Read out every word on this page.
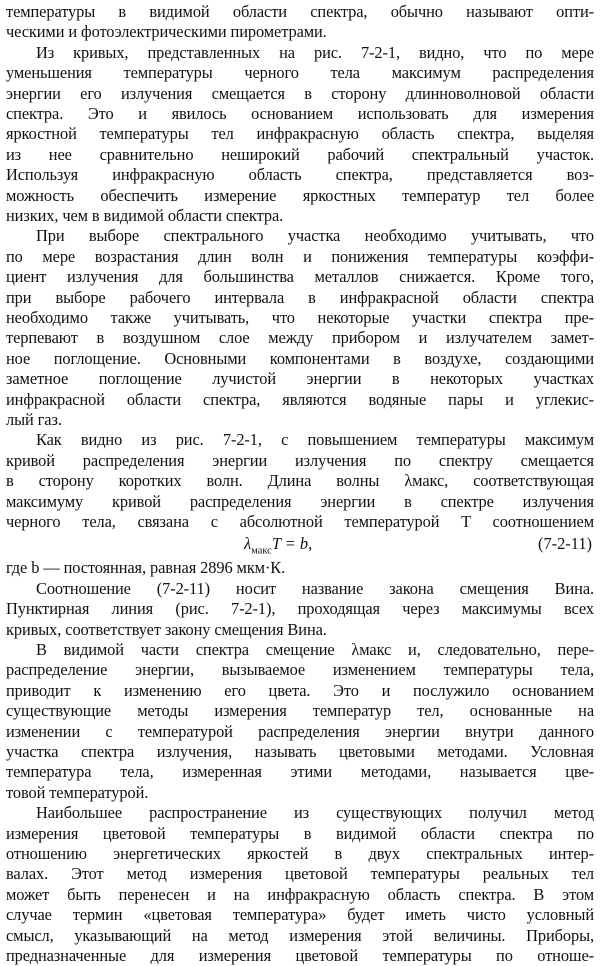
температуры в видимой области спектра, обычно называют опти-
ческими и фотоэлектрическими пирометрами.
Из кривых, представленных на рис. 7-2-1, видно, что по мере
уменьшения температуры черного тела максимум распределения
энергии его излучения смещается в сторону длинноволновой области
спектра. Это и явилось основанием использовать для измерения
яркостной температуры тел инфракрасную область спектра, выделяя
из нее сравнительно неширокий рабочий спектральный участок.
Используя инфракрасную область спектра, представляется воз-
можность обеспечить измерение яркостных температур тел более
низких, чем в видимой области спектра.
При выборе спектрального участка необходимо учитывать, что
по мере возрастания длин волн и понижения температуры коэффи-
циент излучения для большинства металлов снижается. Кроме того,
при выборе рабочего интервала в инфракрасной области спектра
необходимо также учитывать, что некоторые участки спектра пре-
терпевают в воздушном слое между прибором и излучателем замет-
ное поглощение. Основными компонентами в воздухе, создающими
заметное поглощение лучистой энергии в некоторых участках
инфракрасной области спектра, являются водяные пары и углекис-
лый газ.
Как видно из рис. 7-2-1, с повышением температуры максимум
кривой распределения энергии излучения по спектру смещается
в сторону коротких волн. Длина волны λмакс, соответствующая
максимуму кривой распределения энергии в спектре излучения
черного тела, связана с абсолютной температурой T соотношением
$\lambda_{макс}T = b$,	(7-2-11)
где b — постоянная, равная 2896 мкм·К.
Соотношение (7-2-11) носит название закона смещения Вина.
Пунктирная линия (рис. 7-2-1), проходящая через максимумы всех
кривых, соответствует закону смещения Вина.
В видимой части спектра смещение λмакс и, следовательно, пере-
распределение энергии, вызываемое изменением температуры тела,
приводит к изменению его цвета. Это и послужило основанием
существующие методы измерения температур тел, основанные на
изменении с температурой распределения энергии внутри данного
участка спектра излучения, называть цветовыми методами. Условная
температура тела, измеренная этими методами, называется цве-
товой температурой.
Наибольшее распространение из существующих получил метод
измерения цветовой температуры в видимой области спектра по
отношению энергетических яркостей в двух спектральных интер-
валах. Этот метод измерения цветовой температуры реальных тел
может быть перенесен и на инфракрасную область спектра. В этом
случае термин «цветовая температура» будет иметь чисто условный
смысл, указывающий на метод измерения этой величины. Приборы,
предназначенные для измерения цветовой температуры по отноше-
